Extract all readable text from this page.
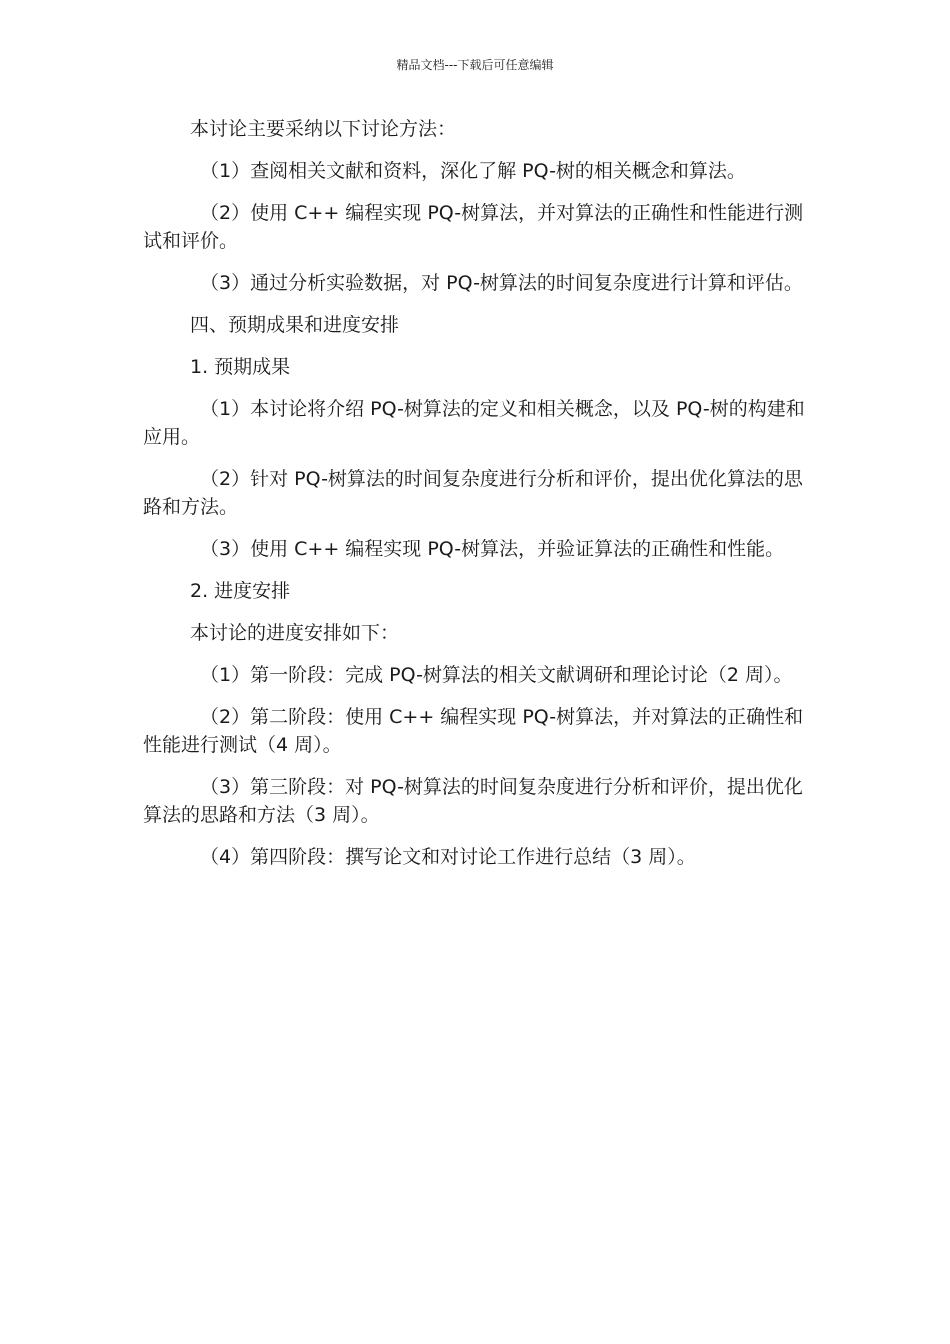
精品文档---下载后可任意编辑

本讨论主要采纳以下讨论方法：

（1）查阅相关文献和资料，深化了解 PQ-树的相关概念和算法。

（2）使用 C++ 编程实现 PQ-树算法，并对算法的正确性和性能进行测试和评价。

（3）通过分析实验数据，对 PQ-树算法的时间复杂度进行计算和评估。

四、预期成果和进度安排

1. 预期成果

（1）本讨论将介绍 PQ-树算法的定义和相关概念，以及 PQ-树的构建和应用。

（2）针对 PQ-树算法的时间复杂度进行分析和评价，提出优化算法的思路和方法。

（3）使用 C++ 编程实现 PQ-树算法，并验证算法的正确性和性能。

2. 进度安排

本讨论的进度安排如下：

（1）第一阶段：完成 PQ-树算法的相关文献调研和理论讨论（2 周）。

（2）第二阶段：使用 C++ 编程实现 PQ-树算法，并对算法的正确性和性能进行测试（4 周）。

（3）第三阶段：对 PQ-树算法的时间复杂度进行分析和评价，提出优化算法的思路和方法（3 周）。

（4）第四阶段：撰写论文和对讨论工作进行总结（3 周）。
